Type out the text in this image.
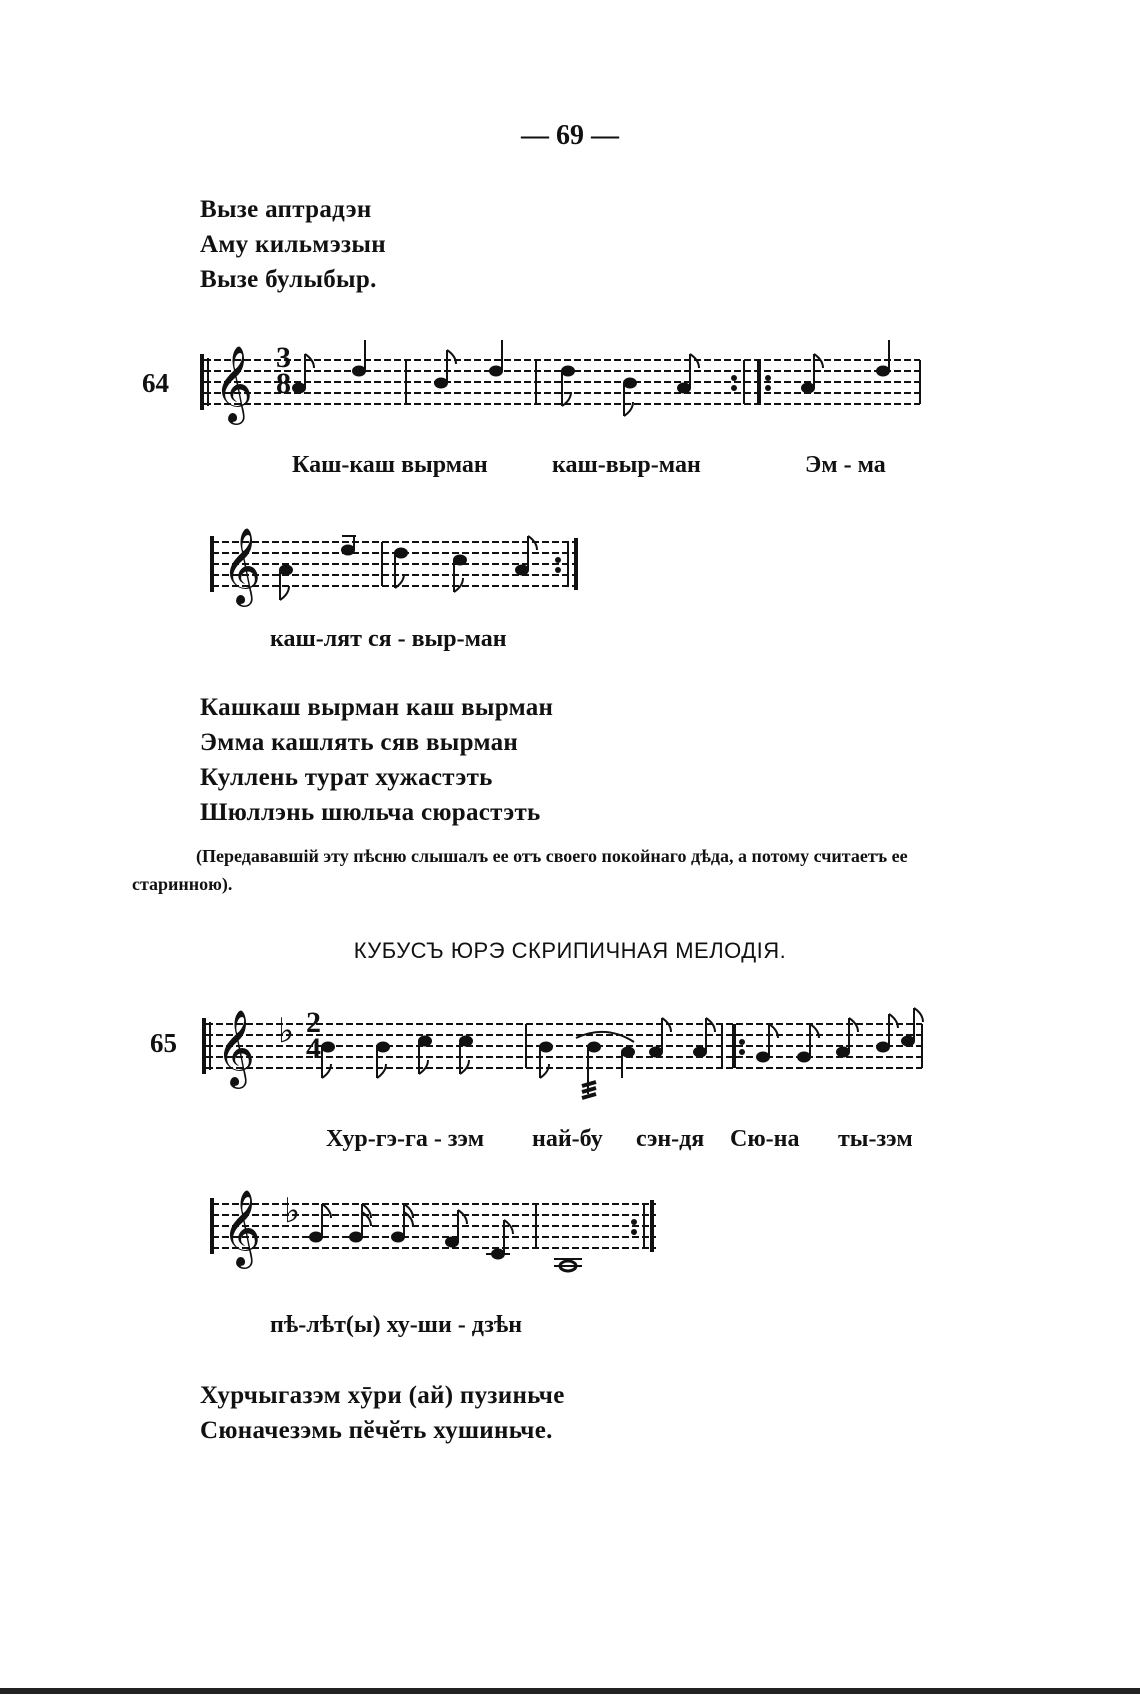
— 69 —
Вызе аптрадэн
Аму кильмэзын
Вызе булыбыр.
64 𝄞 3
8
Каш-каш вырман	каш-выр-ман	Эм - ма
𝄞
каш-лят ся - выр-ман
Кашкаш вырман каш вырман
Эмма кашлять сяв вырман
Куллень турат хужастэть
Шюллэнь шюльча сюрастэть
(Передававшій эту пѣсню слышалъ ее отъ своего покойнаго дѣда, а потому считаетъ ее старинною).
КУБУСЪ ЮРЭ СКРИПИЧНАЯ МЕЛОДІЯ.
65 𝄞 ♭ 2
4
Хур-гэ-га - зэм най-бу сэн-дя Сю-на ты-зэм
𝄞 ♭
пѣ-лѣт(ы) ху-ши - дзѣн
Хурчыгазэм хӯри (ай) пузиньче
Сюначезэмь пӗчӗть хушиньче.
